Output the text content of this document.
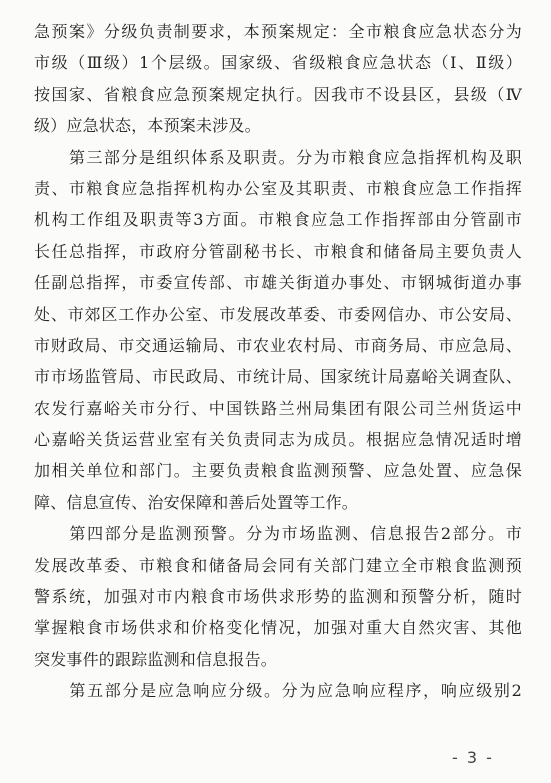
急预案》分级负责制要求，本预案规定：全市粮食应急状态分为
市级（Ⅲ级）1个层级。国家级、省级粮食应急状态（Ⅰ、Ⅱ级）
按国家、省粮食应急预案规定执行。因我市不设县区，县级（Ⅳ
级）应急状态，本预案未涉及。
　　第三部分是组织体系及职责。分为市粮食应急指挥机构及职
责、市粮食应急指挥机构办公室及其职责、市粮食应急工作指挥
机构工作组及职责等3方面。市粮食应急工作指挥部由分管副市
长任总指挥，市政府分管副秘书长、市粮食和储备局主要负责人
任副总指挥，市委宣传部、市雄关街道办事处、市钢城街道办事
处、市郊区工作办公室、市发展改革委、市委网信办、市公安局、
市财政局、市交通运输局、市农业农村局、市商务局、市应急局、
市市场监管局、市民政局、市统计局、国家统计局嘉峪关调查队、
农发行嘉峪关市分行、中国铁路兰州局集团有限公司兰州货运中
心嘉峪关货运营业室有关负责同志为成员。根据应急情况适时增
加相关单位和部门。主要负责粮食监测预警、应急处置、应急保
障、信息宣传、治安保障和善后处置等工作。
　　第四部分是监测预警。分为市场监测、信息报告2部分。市
发展改革委、市粮食和储备局会同有关部门建立全市粮食监测预
警系统，加强对市内粮食市场供求形势的监测和预警分析，随时
掌握粮食市场供求和价格变化情况，加强对重大自然灾害、其他
突发事件的跟踪监测和信息报告。
　　第五部分是应急响应分级。分为应急响应程序，响应级别2
- 3 -
